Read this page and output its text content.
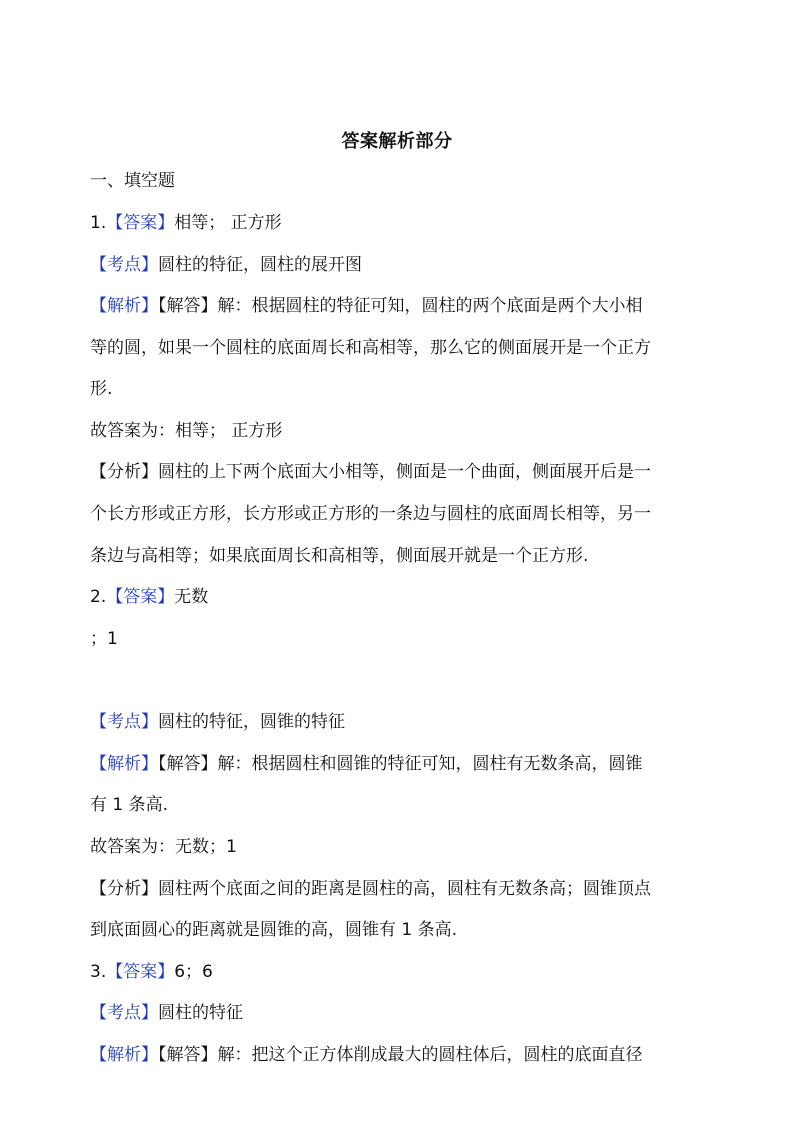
答案解析部分
一、填空题
1.【答案】相等； 正方形
【考点】圆柱的特征，圆柱的展开图
【解析】【解答】解：根据圆柱的特征可知，圆柱的两个底面是两个大小相
等的圆，如果一个圆柱的底面周长和高相等，那么它的侧面展开是一个正方
形.
故答案为：相等； 正方形
【分析】圆柱的上下两个底面大小相等，侧面是一个曲面，侧面展开后是一
个长方形或正方形，长方形或正方形的一条边与圆柱的底面周长相等，另一
条边与高相等；如果底面周长和高相等，侧面展开就是一个正方形.
2.【答案】无数
；1
【考点】圆柱的特征，圆锥的特征
【解析】【解答】解：根据圆柱和圆锥的特征可知，圆柱有无数条高，圆锥
有 1 条高.
故答案为：无数；1
【分析】圆柱两个底面之间的距离是圆柱的高，圆柱有无数条高；圆锥顶点
到底面圆心的距离就是圆锥的高，圆锥有 1 条高.
3.【答案】6；6
【考点】圆柱的特征
【解析】【解答】解：把这个正方体削成最大的圆柱体后，圆柱的底面直径
